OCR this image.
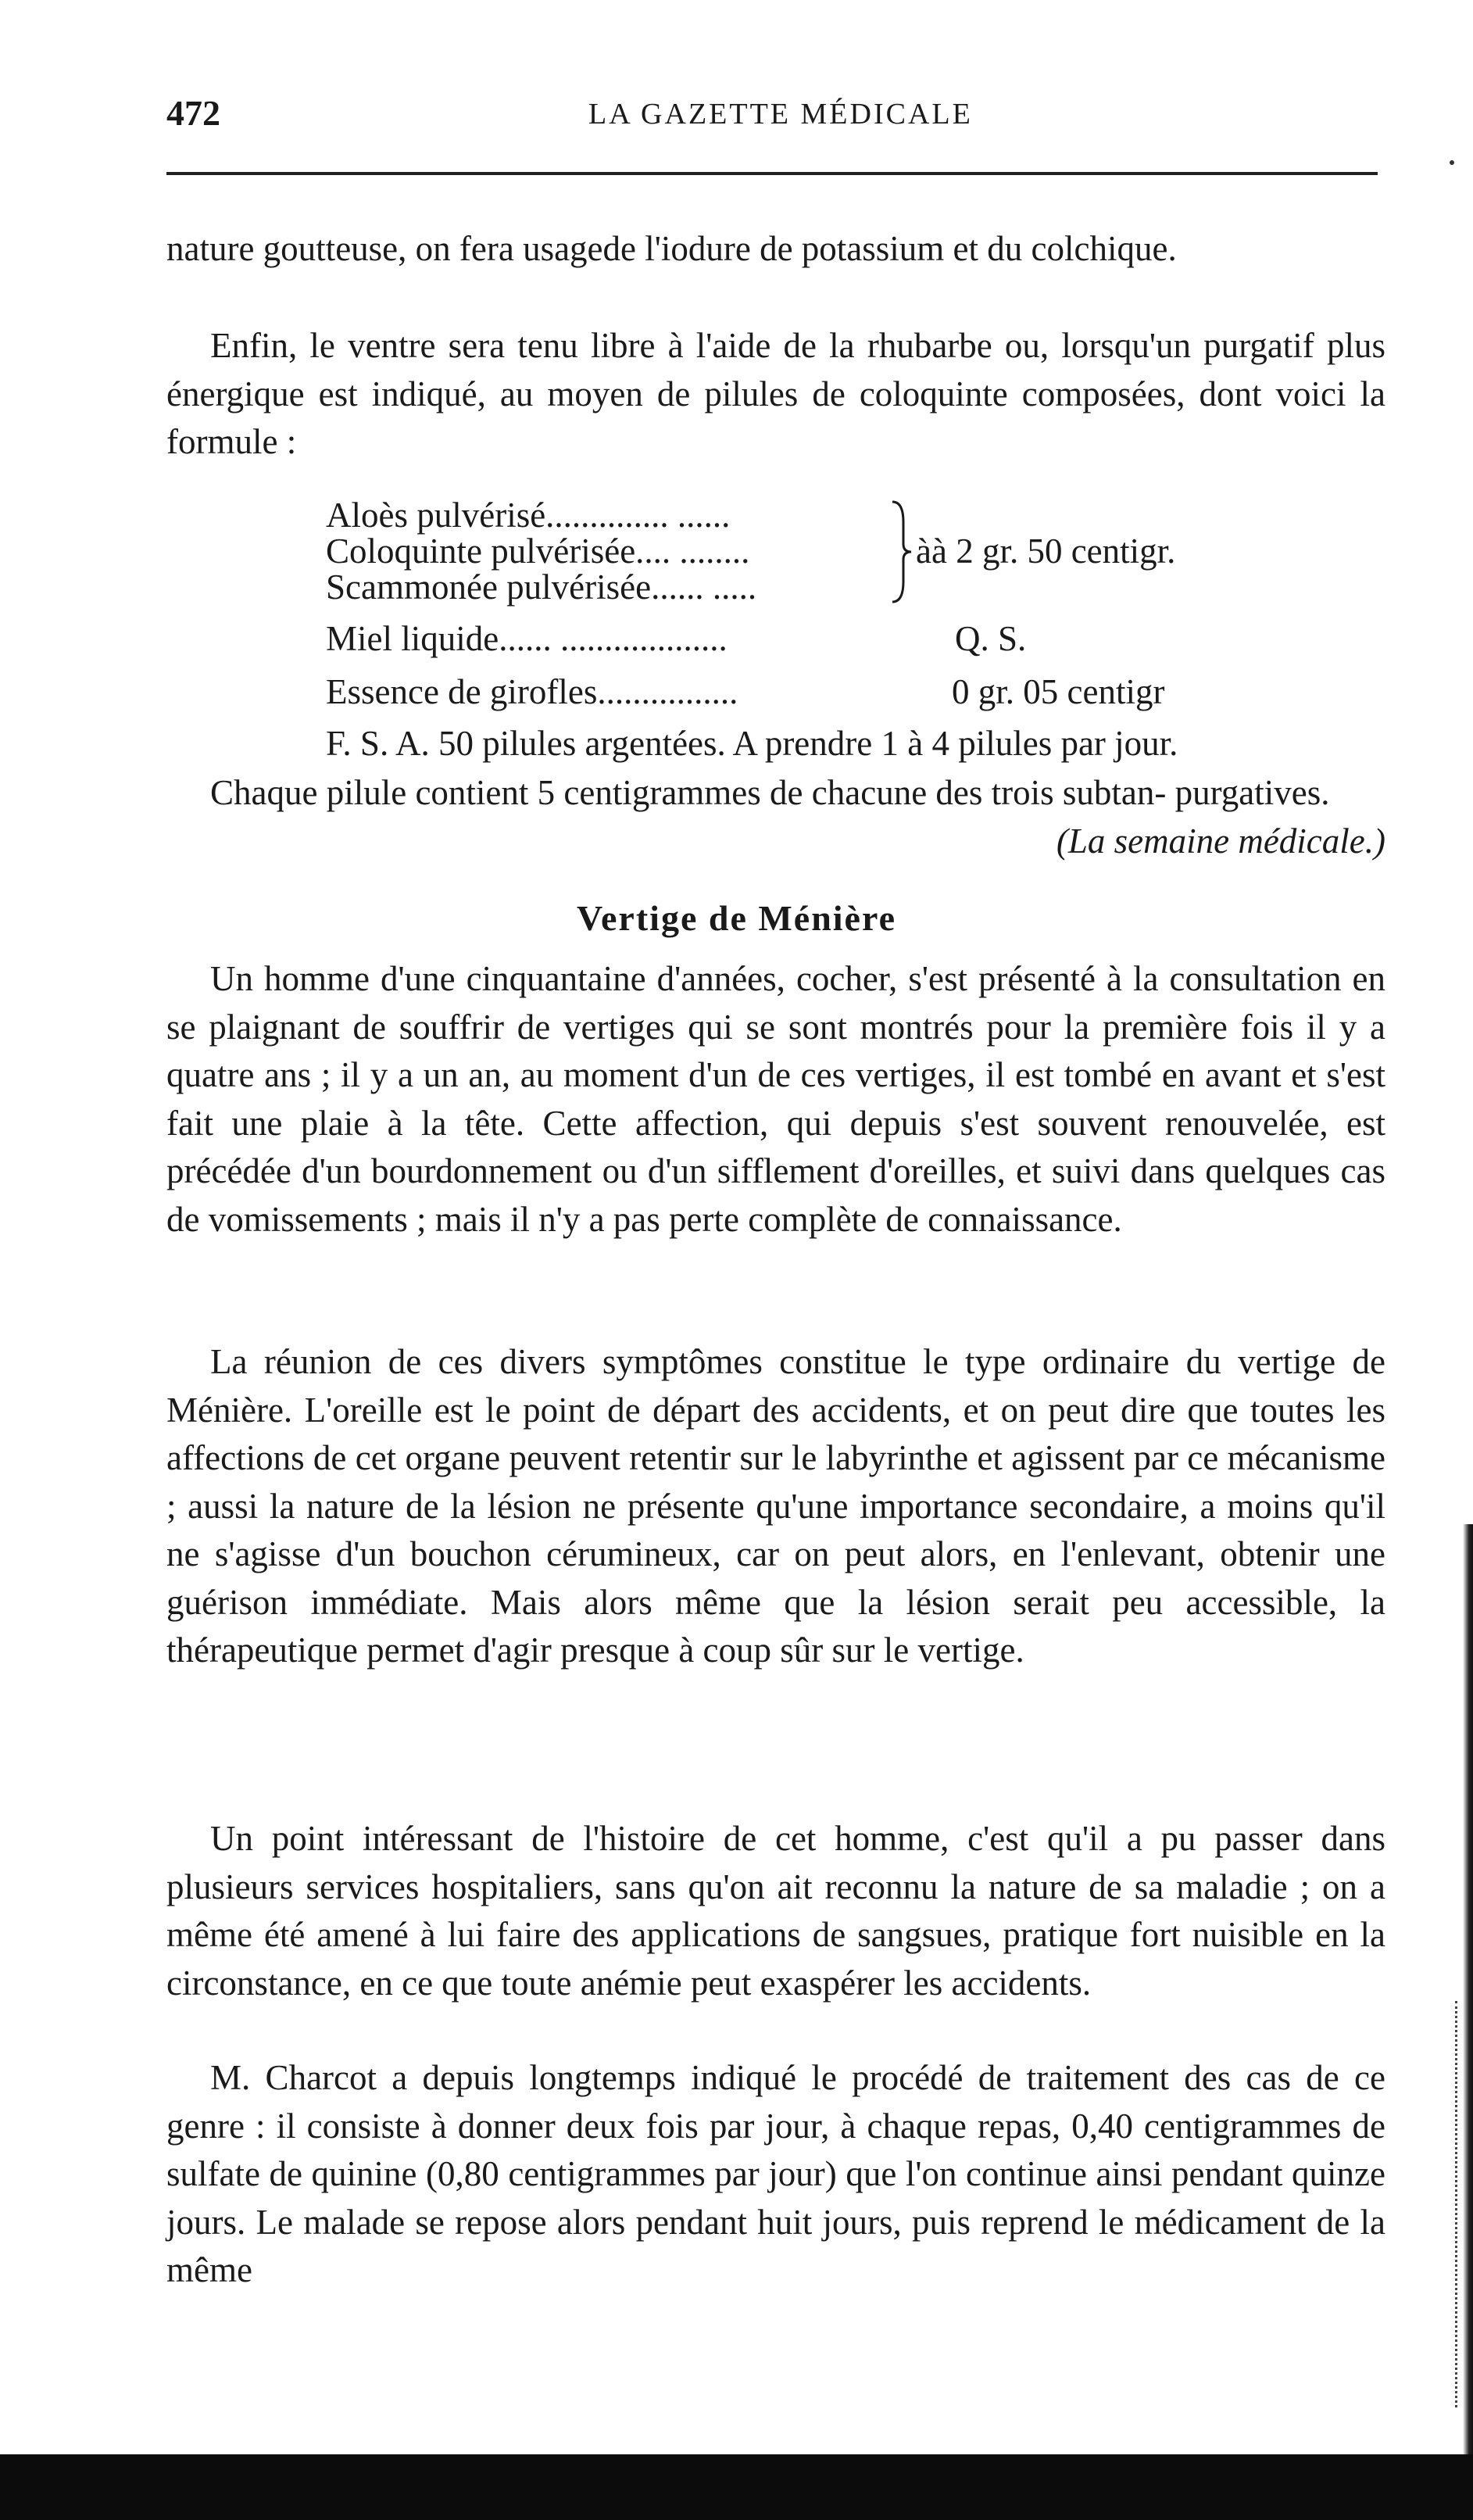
472	LA GAZETTE MÉDICALE
nature goutteuse, on fera usagede l'iodure de potassium et du colchique.
Enfin, le ventre sera tenu libre à l'aide de la rhubarbe ou, lorsqu'un purgatif plus énergique est indiqué, au moyen de pilules de coloquinte composées, dont voici la formule :
Aloès pulvérisé.............. ......
Coloquinte pulvérisée.... ........
Scammonée pulvérisée...... .....
àà 2 gr. 50 centigr.
Miel liquide...... ...................	Q. S.
Essence de girofles................	0 gr. 05 centigr
F. S. A. 50 pilules argentées. A prendre 1 à 4 pilules par jour.
Chaque pilule contient 5 centigrammes de chacune des trois subtan- purgatives.
(La semaine médicale.)
Vertige de Ménière
Un homme d'une cinquantaine d'années, cocher, s'est présenté à la consultation en se plaignant de souffrir de vertiges qui se sont montrés pour la première fois il y a quatre ans ; il y a un an, au moment d'un de ces vertiges, il est tombé en avant et s'est fait une plaie à la tête. Cette affection, qui depuis s'est souvent renouvelée, est précédée d'un bourdonnement ou d'un sifflement d'oreilles, et suivi dans quelques cas de vomissements ; mais il n'y a pas perte complète de connaissance.
La réunion de ces divers symptômes constitue le type ordinaire du vertige de Ménière. L'oreille est le point de départ des accidents, et on peut dire que toutes les affections de cet organe peuvent retentir sur le labyrinthe et agissent par ce mécanisme ; aussi la nature de la lésion ne présente qu'une importance secondaire, a moins qu'il ne s'agisse d'un bouchon cérumineux, car on peut alors, en l'enlevant, obtenir une guérison immédiate. Mais alors même que la lésion serait peu accessible, la thérapeutique permet d'agir presque à coup sûr sur le vertige.
Un point intéressant de l'histoire de cet homme, c'est qu'il a pu passer dans plusieurs services hospitaliers, sans qu'on ait reconnu la nature de sa maladie ; on a même été amené à lui faire des applications de sangsues, pratique fort nuisible en la circonstance, en ce que toute anémie peut exaspérer les accidents.
M. Charcot a depuis longtemps indiqué le procédé de traitement des cas de ce genre : il consiste à donner deux fois par jour, à chaque repas, 0,40 centigrammes de sulfate de quinine (0,80 centigrammes par jour) que l'on continue ainsi pendant quinze jours. Le malade se repose alors pendant huit jours, puis reprend le médicament de la même
